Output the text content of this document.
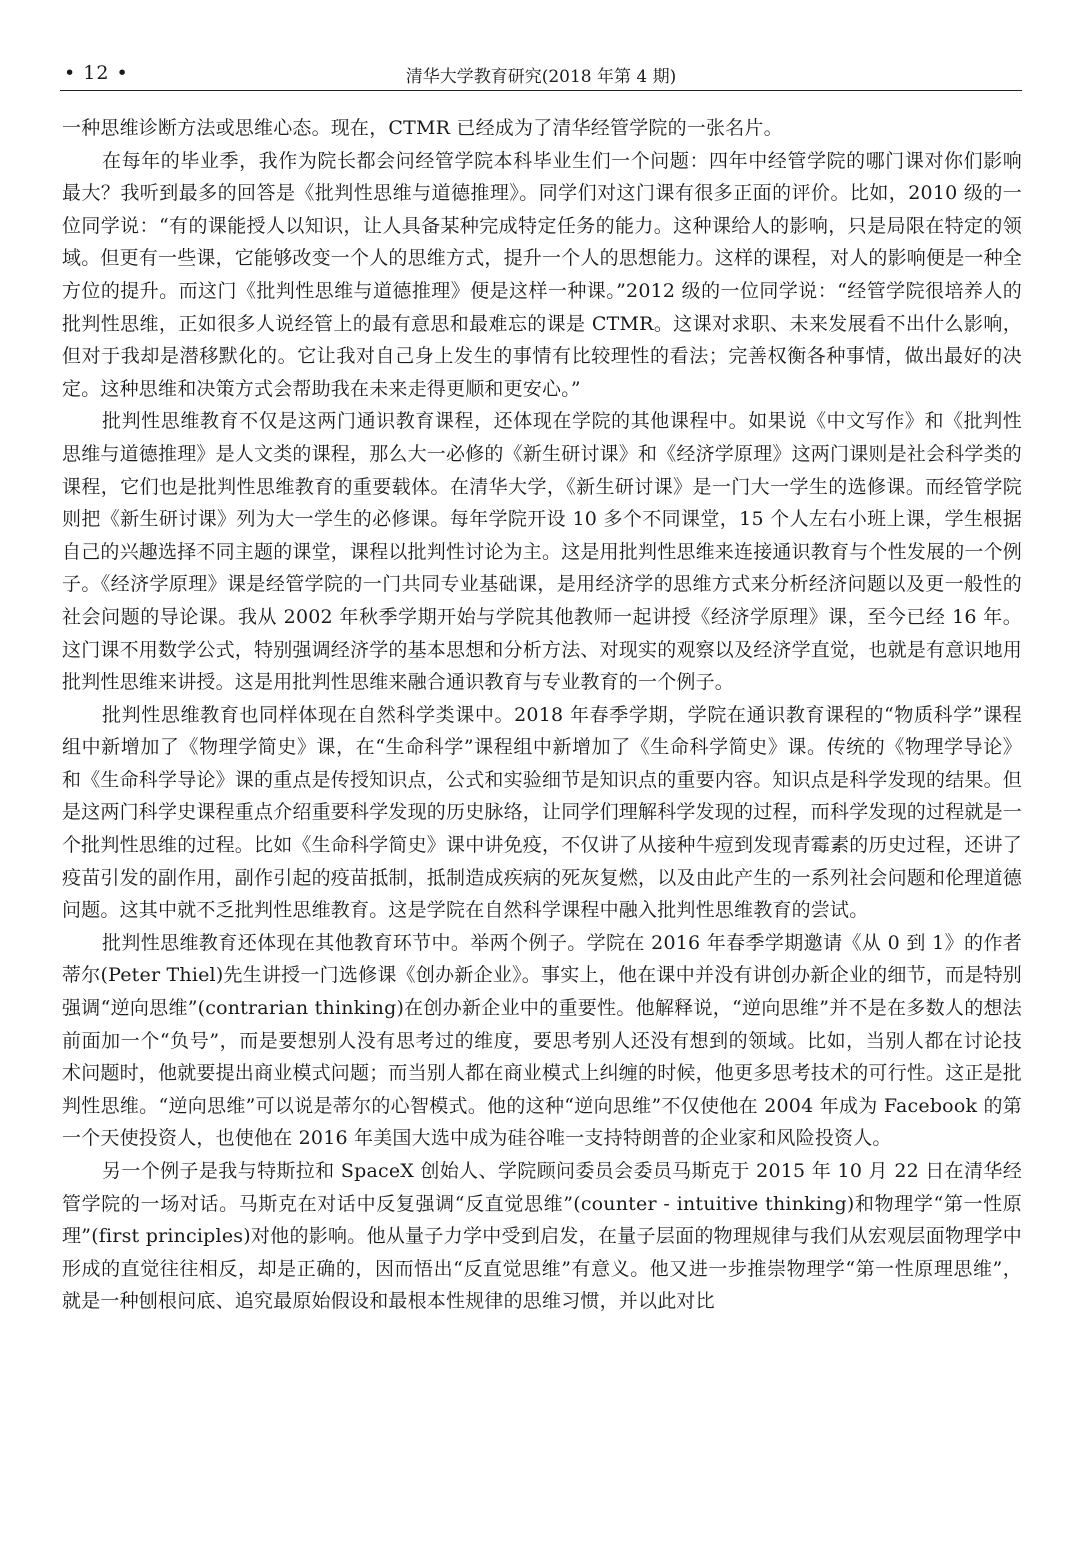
• 12 •	清华大学教育研究(2018 年第 4 期)

一种思维诊断方法或思维心态。现在，CTMR 已经成为了清华经管学院的一张名片。

在每年的毕业季，我作为院长都会问经管学院本科毕业生们一个问题：四年中经管学院的哪门课对你们影响最大？我听到最多的回答是《批判性思维与道德推理》。同学们对这门课有很多正面的评价。比如，2010 级的一位同学说：“有的课能授人以知识，让人具备某种完成特定任务的能力。这种课给人的影响，只是局限在特定的领域。但更有一些课，它能够改变一个人的思维方式，提升一个人的思想能力。这样的课程，对人的影响便是一种全方位的提升。而这门《批判性思维与道德推理》便是这样一种课。”2012 级的一位同学说：“经管学院很培养人的批判性思维，正如很多人说经管上的最有意思和最难忘的课是 CTMR。这课对求职、未来发展看不出什么影响，但对于我却是潜移默化的。它让我对自己身上发生的事情有比较理性的看法；完善权衡各种事情，做出最好的决定。这种思维和决策方式会帮助我在未来走得更顺和更安心。”

批判性思维教育不仅是这两门通识教育课程，还体现在学院的其他课程中。如果说《中文写作》和《批判性思维与道德推理》是人文类的课程，那么大一必修的《新生研讨课》和《经济学原理》这两门课则是社会科学类的课程，它们也是批判性思维教育的重要载体。在清华大学，《新生研讨课》是一门大一学生的选修课。而经管学院则把《新生研讨课》列为大一学生的必修课。每年学院开设 10 多个不同课堂，15 个人左右小班上课，学生根据自己的兴趣选择不同主题的课堂，课程以批判性讨论为主。这是用批判性思维来连接通识教育与个性发展的一个例子。《经济学原理》课是经管学院的一门共同专业基础课，是用经济学的思维方式来分析经济问题以及更一般性的社会问题的导论课。我从 2002 年秋季学期开始与学院其他教师一起讲授《经济学原理》课，至今已经 16 年。这门课不用数学公式，特别强调经济学的基本思想和分析方法、对现实的观察以及经济学直觉，也就是有意识地用批判性思维来讲授。这是用批判性思维来融合通识教育与专业教育的一个例子。

批判性思维教育也同样体现在自然科学类课中。2018 年春季学期，学院在通识教育课程的“物质科学”课程组中新增加了《物理学简史》课，在“生命科学”课程组中新增加了《生命科学简史》课。传统的《物理学导论》和《生命科学导论》课的重点是传授知识点，公式和实验细节是知识点的重要内容。知识点是科学发现的结果。但是这两门科学史课程重点介绍重要科学发现的历史脉络，让同学们理解科学发现的过程，而科学发现的过程就是一个批判性思维的过程。比如《生命科学简史》课中讲免疫，不仅讲了从接种牛痘到发现青霉素的历史过程，还讲了疫苗引发的副作用，副作引起的疫苗抵制，抵制造成疾病的死灰复燃，以及由此产生的一系列社会问题和伦理道德问题。这其中就不乏批判性思维教育。这是学院在自然科学课程中融入批判性思维教育的尝试。

批判性思维教育还体现在其他教育环节中。举两个例子。学院在 2016 年春季学期邀请《从 0 到 1》的作者蒂尔(Peter Thiel)先生讲授一门选修课《创办新企业》。事实上，他在课中并没有讲创办新企业的细节，而是特别强调“逆向思维”(contrarian thinking)在创办新企业中的重要性。他解释说，“逆向思维”并不是在多数人的想法前面加一个“负号”，而是要想别人没有思考过的维度，要思考别人还没有想到的领域。比如，当别人都在讨论技术问题时，他就要提出商业模式问题；而当别人都在商业模式上纠缠的时候，他更多思考技术的可行性。这正是批判性思维。“逆向思维”可以说是蒂尔的心智模式。他的这种“逆向思维”不仅使他在 2004 年成为 Facebook 的第一个天使投资人，也使他在 2016 年美国大选中成为硅谷唯一支持特朗普的企业家和风险投资人。

另一个例子是我与特斯拉和 SpaceX 创始人、学院顾问委员会委员马斯克于 2015 年 10 月 22 日在清华经管学院的一场对话。马斯克在对话中反复强调“反直觉思维”(counter - intuitive thinking)和物理学“第一性原理”(first principles)对他的影响。他从量子力学中受到启发，在量子层面的物理规律与我们从宏观层面物理学中形成的直觉往往相反，却是正确的，因而悟出“反直觉思维”有意义。他又进一步推崇物理学“第一性原理思维”，就是一种刨根问底、追究最原始假设和最根本性规律的思维习惯，并以此对比
